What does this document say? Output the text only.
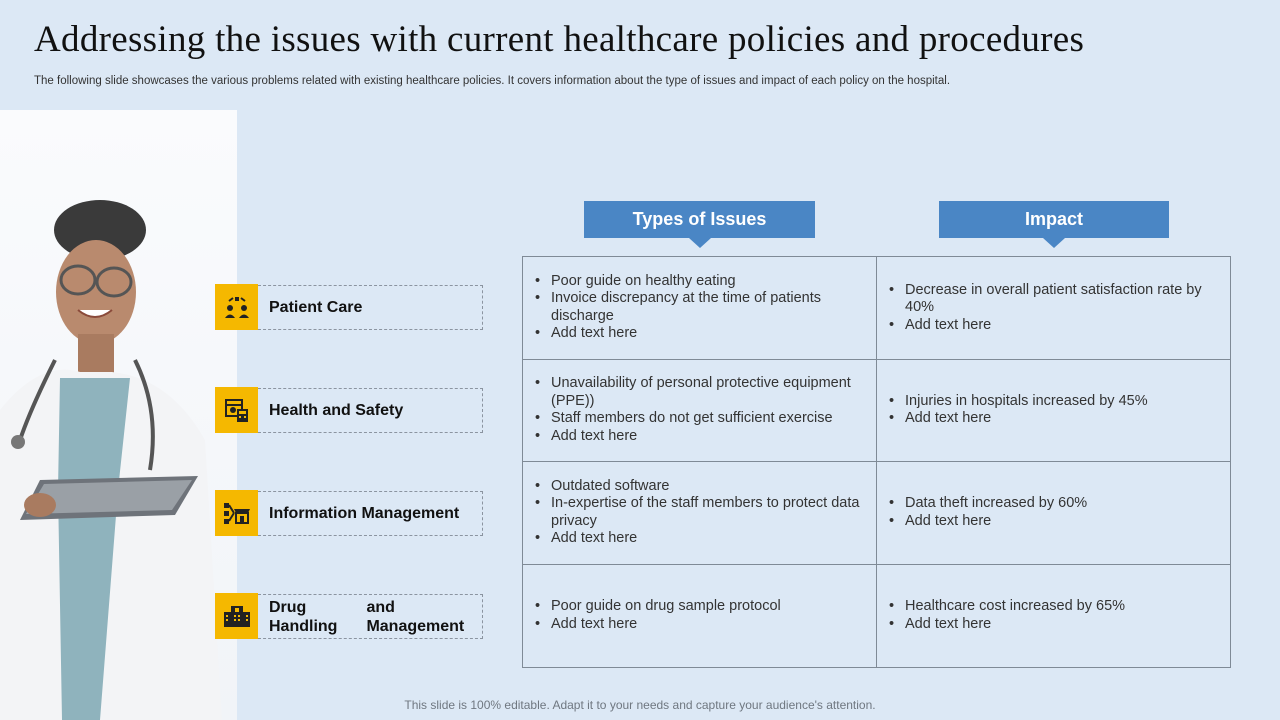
Addressing the issues with current healthcare policies and procedures
The following slide showcases the various problems related with existing healthcare policies. It covers information about the type of issues and impact of each policy on the hospital.
Patient Care
Health and Safety
Information Management
Drug Handling

and Management
Types of Issues	Impact
• Poor guide on healthy eating
• Invoice discrepancy at the time of patients discharge
• Add text here
• Decrease in overall patient satisfaction rate by 40%
• Add text here
• Unavailability of personal protective equipment (PPE))
• Staff members do not get sufficient exercise
• Add text here
• Injuries in hospitals increased by 45%
• Add text here
• Outdated software
• In-expertise of the staff members to protect data privacy
• Add text here
• Data theft increased by 60%
• Add text here
• Poor guide on drug sample protocol
• Add text here
• Healthcare cost increased by 65%
• Add text here
This slide is 100% editable. Adapt it to your needs and capture your audience's attention.
